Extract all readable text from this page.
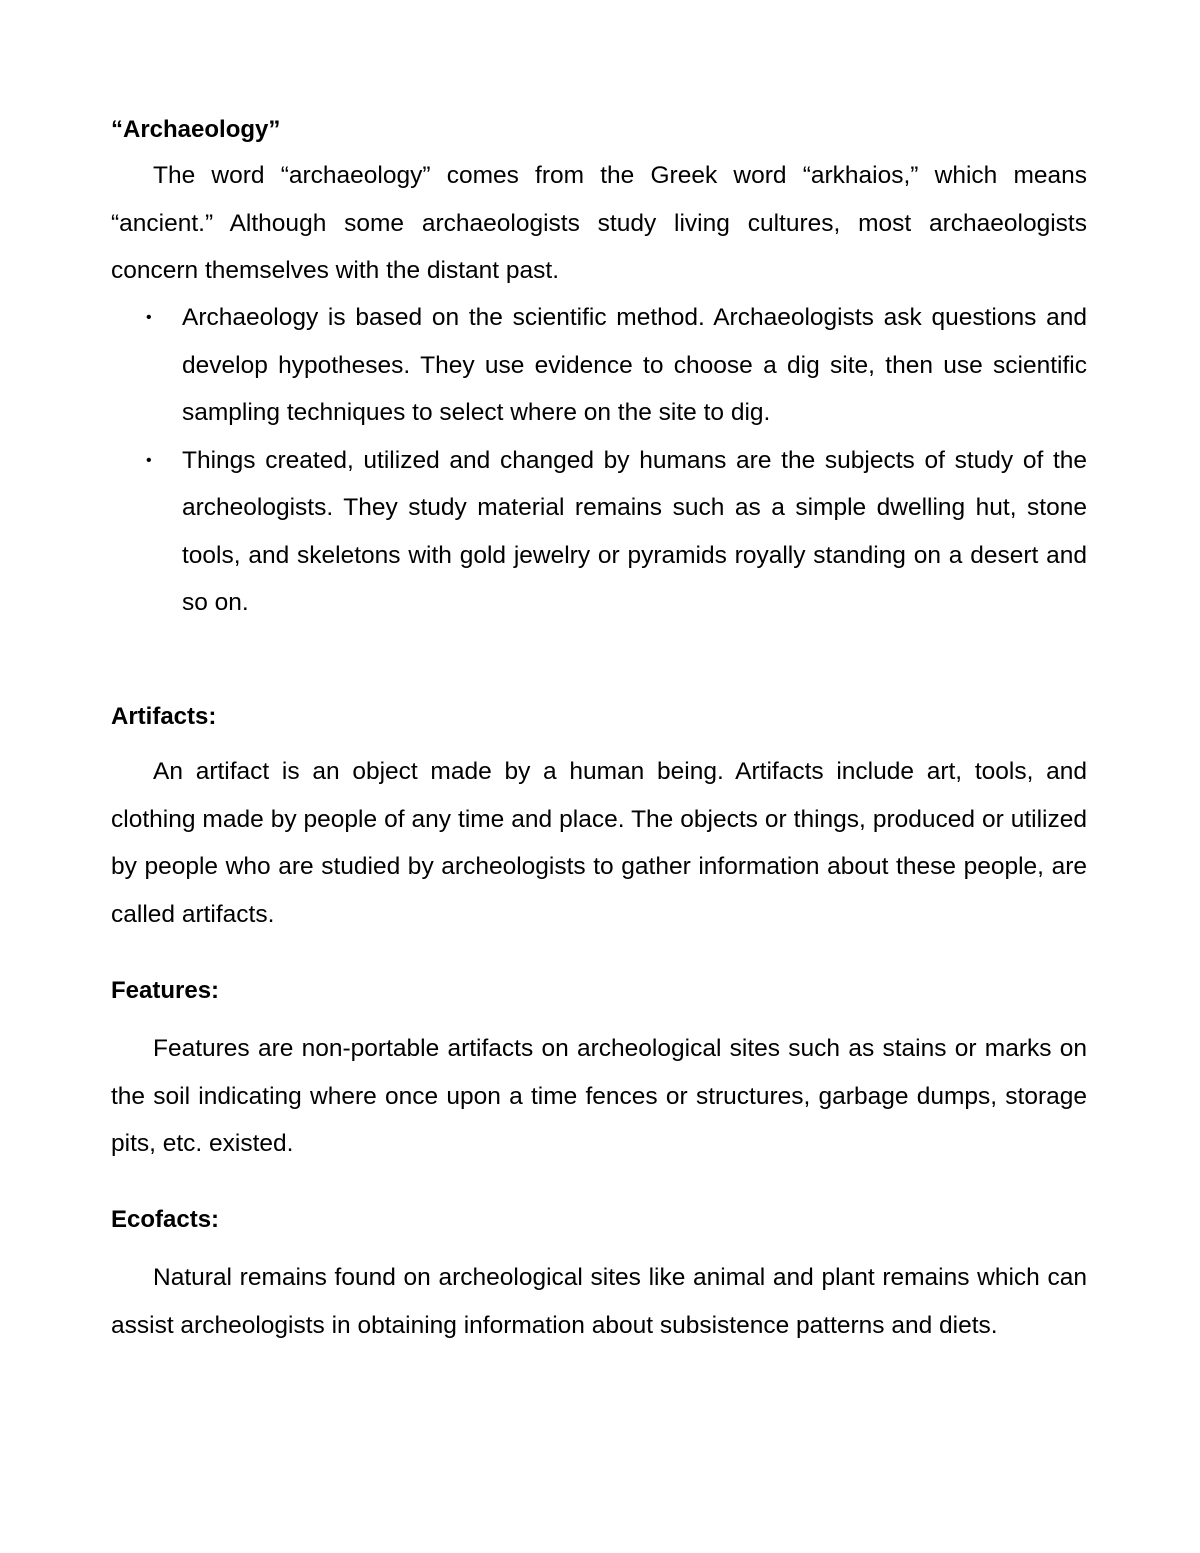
“Archaeology”

The word “archaeology” comes from the Greek word “arkhaios,” which means “ancient.” Although some archaeologists study living cultures, most archaeologists concern themselves with the distant past.

• Archaeology is based on the scientific method. Archaeologists ask questions and develop hypotheses. They use evidence to choose a dig site, then use scientific sampling techniques to select where on the site to dig.
• Things created, utilized and changed by humans are the subjects of study of the archeologists. They study material remains such as a simple dwelling hut, stone tools, and skeletons with gold jewelry or pyramids royally standing on a desert and so on.
Artifacts:

An artifact is an object made by a human being. Artifacts include art, tools, and clothing made by people of any time and place. The objects or things, produced or utilized by people who are studied by archeologists to gather information about these people, are called artifacts.

Features:

Features are non-portable artifacts on archeological sites such as stains or marks on the soil indicating where once upon a time fences or structures, garbage dumps, storage pits, etc. existed.

Ecofacts:

Natural remains found on archeological sites like animal and plant remains which can assist archeologists in obtaining information about subsistence patterns and diets.
